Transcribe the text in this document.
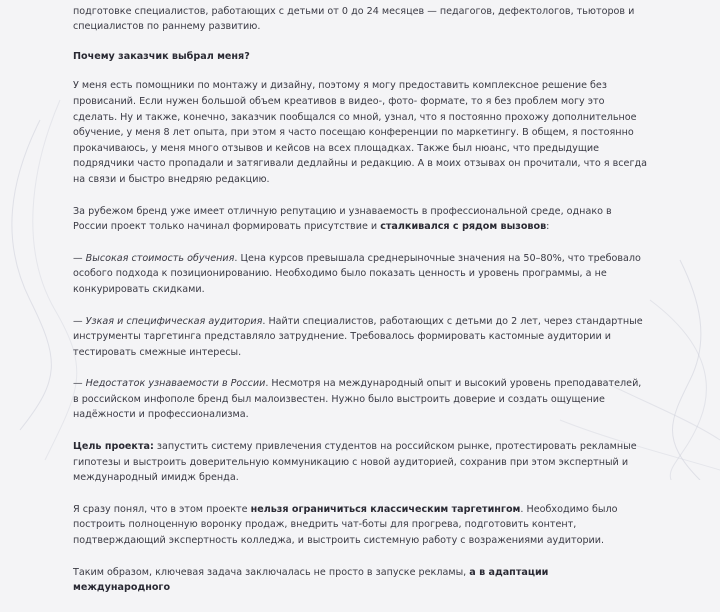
подготовке специалистов, работающих с детьми от 0 до 24 месяцев — педагогов, дефектологов, тьюторов и специалистов по раннему развитию.

Почему заказчик выбрал меня?

У меня есть помощники по монтажу и дизайну, поэтому я могу предоставить комплексное решение без провисаний. Если нужен большой объем креативов в видео-, фото- формате, то я без проблем могу это сделать. Ну и также, конечно, заказчик пообщался со мной, узнал, что я постоянно прохожу дополнительное обучение, у меня 8 лет опыта, при этом я часто посещаю конференции по маркетингу. В общем, я постоянно прокачиваюсь, у меня много отзывов и кейсов на всех площадках. Также был нюанс, что предыдущие подрядчики часто пропадали и затягивали дедлайны и редакцию. А в моих отзывах он прочитали, что я всегда на связи и быстро внедряю редакцию.

За рубежом бренд уже имеет отличную репутацию и узнаваемость в профессиональной среде, однако в России проект только начинал формировать присутствие и сталкивался с рядом вызовов:

— Высокая стоимость обучения. Цена курсов превышала среднерыночные значения на 50–80%, что требовало особого подхода к позиционированию. Необходимо было показать ценность и уровень программы, а не конкурировать скидками.

— Узкая и специфическая аудитория. Найти специалистов, работающих с детьми до 2 лет, через стандартные инструменты таргетинга представляло затруднение. Требовалось формировать кастомные аудитории и тестировать смежные интересы.

— Недостаток узнаваемости в России. Несмотря на международный опыт и высокий уровень преподавателей, в российском инфополе бренд был малоизвестен. Нужно было выстроить доверие и создать ощущение надёжности и профессионализма.

Цель проекта: запустить систему привлечения студентов на российском рынке, протестировать рекламные гипотезы и выстроить доверительную коммуникацию с новой аудиторией, сохранив при этом экспертный и международный имидж бренда.

Я сразу понял, что в этом проекте нельзя ограничиться классическим таргетингом. Необходимо было построить полноценную воронку продаж, внедрить чат-боты для прогрева, подготовить контент, подтверждающий экспертность колледжа, и выстроить системную работу с возражениями аудитории.

Таким образом, ключевая задача заключалась не просто в запуске рекламы, а в адаптации международного
